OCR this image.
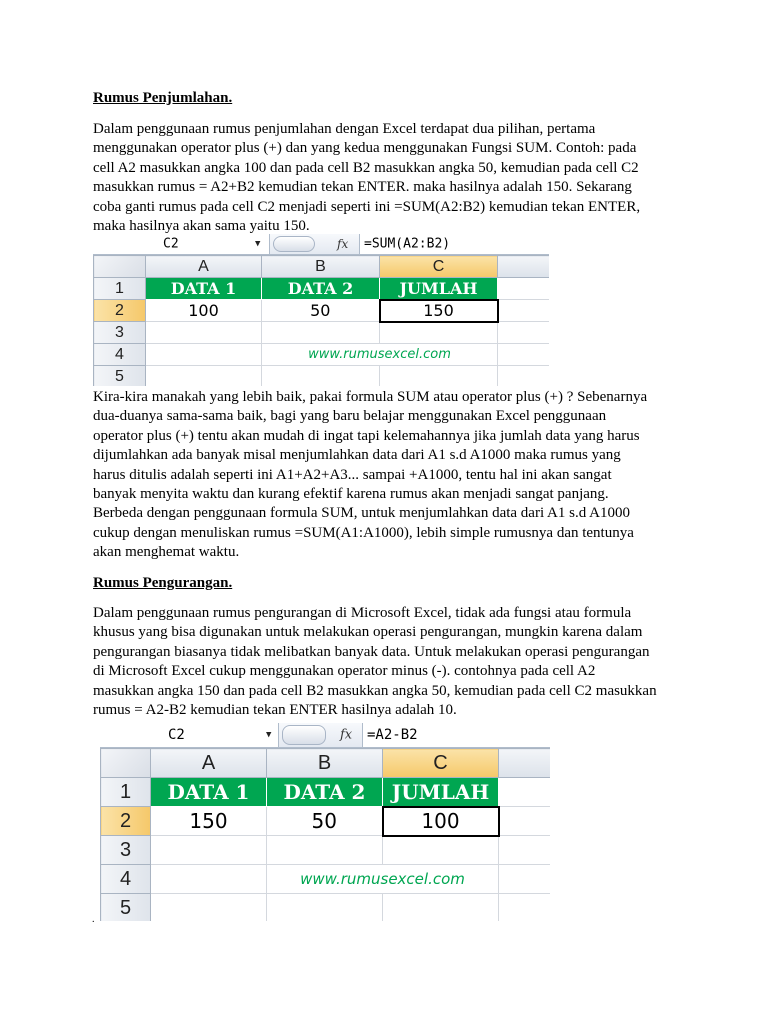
Rumus Penjumlahan.
Dalam penggunaan rumus penjumlahan dengan Excel terdapat dua pilihan, pertama
menggunakan operator plus (+) dan yang kedua menggunakan Fungsi SUM. Contoh: pada
cell A2 masukkan angka 100 dan pada cell B2 masukkan angka 50, kemudian pada cell C2
masukkan rumus = A2+B2 kemudian tekan ENTER. maka hasilnya adalah 150. Sekarang
coba ganti rumus pada cell C2 menjadi seperti ini =SUM(A2:B2) kemudian tekan ENTER,
maka hasilnya akan sama yaitu 150.
C2	▼	fx =SUM(A2:B2)
	A	B	C	
1	DATA 1	DATA 2	JUMLAH	
2	100	50	150	
3				
4		www.rumusexcel.com		
5				
Kira-kira manakah yang lebih baik, pakai formula SUM atau operator plus (+) ? Sebenarnya
dua-duanya sama-sama baik, bagi yang baru belajar menggunakan Excel penggunaan
operator plus (+) tentu akan mudah di ingat tapi kelemahannya jika jumlah data yang harus
dijumlahkan ada banyak misal menjumlahkan data dari A1 s.d A1000 maka rumus yang
harus ditulis adalah seperti ini A1+A2+A3... sampai +A1000, tentu hal ini akan sangat
banyak menyita waktu dan kurang efektif karena rumus akan menjadi sangat panjang.
Berbeda dengan penggunaan formula SUM, untuk menjumlahkan data dari A1 s.d A1000
cukup dengan menuliskan rumus =SUM(A1:A1000), lebih simple rumusnya dan tentunya
akan menghemat waktu.
Rumus Pengurangan.
Dalam penggunaan rumus pengurangan di Microsoft Excel, tidak ada fungsi atau formula
khusus yang bisa digunakan untuk melakukan operasi pengurangan, mungkin karena dalam
pengurangan biasanya tidak melibatkan banyak data. Untuk melakukan operasi pengurangan
di Microsoft Excel cukup menggunakan operator minus (-). contohnya pada cell A2
masukkan angka 150 dan pada cell B2 masukkan angka 50, kemudian pada cell C2 masukkan
rumus = A2-B2 kemudian tekan ENTER hasilnya adalah 10.
C2	▼	fx =A2-B2
	A	B	C	
1	DATA 1	DATA 2	JUMLAH	
2	150	50	100	
3				
4		www.rumusexcel.com		
5				
.
